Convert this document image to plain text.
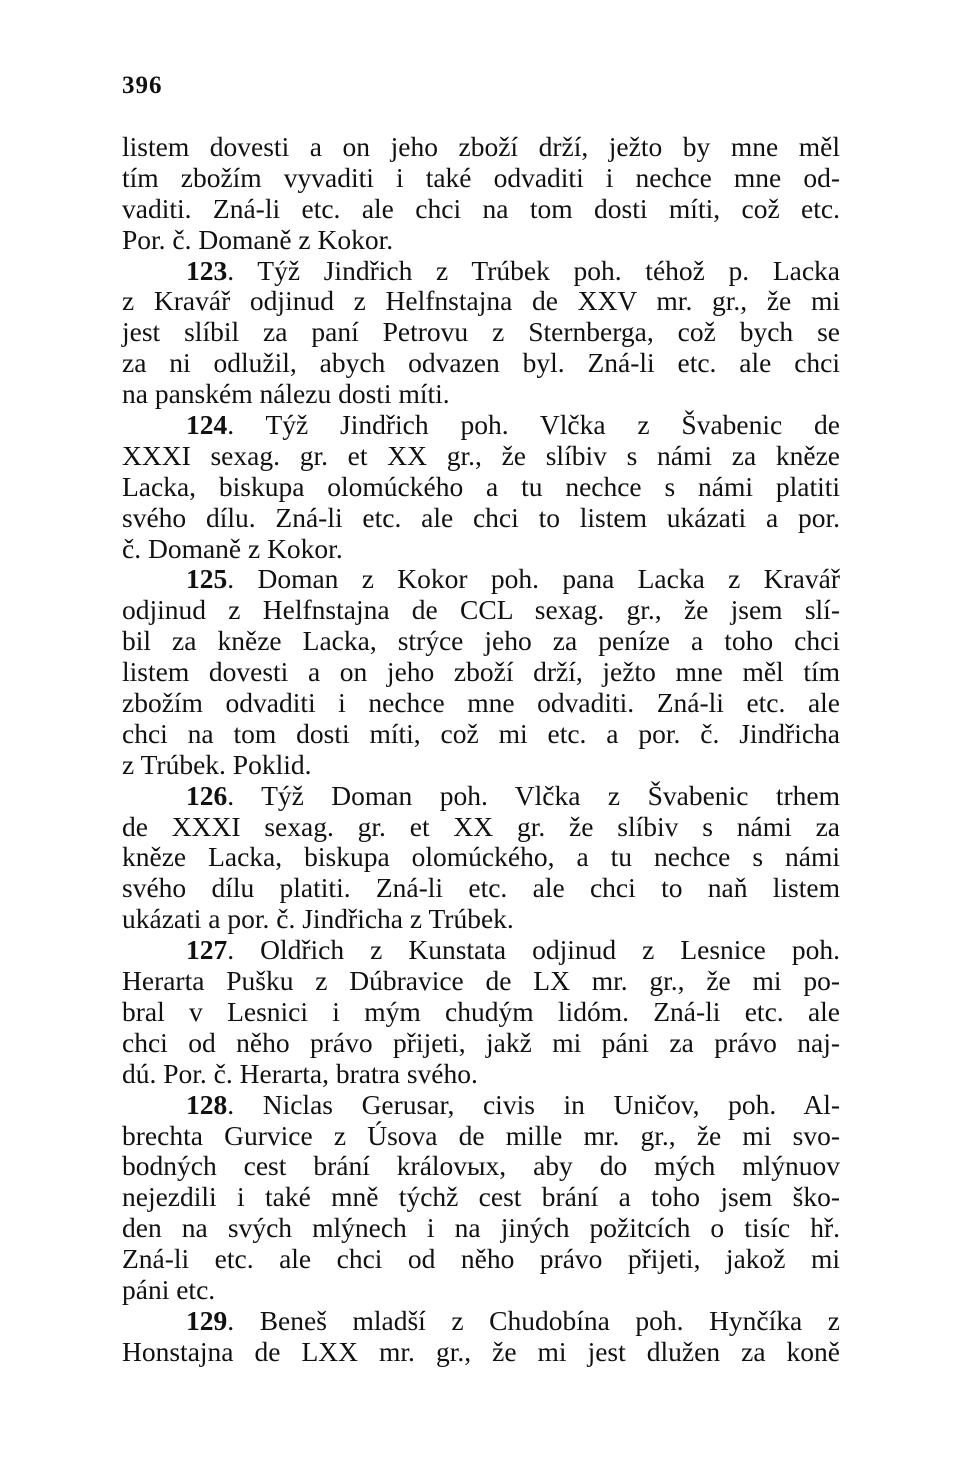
396
listem dovesti a on jeho zboží drží, ježto by mne měl
tím zbožím vyvaditi i také odvaditi i nechce mne od-
vaditi. Zná-li etc. ale chci na tom dosti míti, což etc.
Por. č. Domaně z Kokor.
123. Týž Jindřich z Trúbek poh. téhož p. Lacka
z Kravář odjinud z Helfnstajna de XXV mr. gr., že mi
jest slíbil za paní Petrovu z Sternberga, což bych se
za ni odlužil, abych odvazen byl. Zná-li etc. ale chci
na panském nálezu dosti míti.
124. Týž Jindřich poh. Vlčka z Švabenic de
XXXI sexag. gr. et XX gr., že slíbiv s námi za kněze
Lacka, biskupa olomúckého a tu nechce s námi platiti
svého dílu. Zná-li etc. ale chci to listem ukázati a por.
č. Domaně z Kokor.
125. Doman z Kokor poh. pana Lacka z Kravář
odjinud z Helfnstajna de CCL sexag. gr., že jsem slí-
bil za kněze Lacka, strýce jeho za peníze a toho chci
listem dovesti a on jeho zboží drží, ježto mne měl tím
zbožím odvaditi i nechce mne odvaditi. Zná-li etc. ale
chci na tom dosti míti, což mi etc. a por. č. Jindřicha
z Trúbek. Poklid.
126. Týž Doman poh. Vlčka z Švabenic trhem
de XXXI sexag. gr. et XX gr. že slíbiv s námi za
kněze Lacka, biskupa olomúckého, a tu nechce s námi
svého dílu platiti. Zná-li etc. ale chci to naň listem
ukázati a por. č. Jindřicha z Trúbek.
127. Oldřich z Kunstata odjinud z Lesnice poh.
Herarta Pušku z Dúbravice de LX mr. gr., že mi po-
bral v Lesnici i mým chudým lidóm. Zná-li etc. ale
chci od něho právo přijeti, jakž mi páni za právo naj-
dú. Por. č. Herarta, bratra svého.
128. Niclas Gerusar, civis in Uničov, poh. Al-
brechta Gurvice z Úsova de mille mr. gr., že mi svo-
bodných cest brání královых, aby do mých mlýnuov
nejezdili i také mně týchž cest brání a toho jsem ško-
den na svých mlýnech i na jiných požitcích o tisíc hř.
Zná-li etc. ale chci od něho právo přijeti, jakož mi
páni etc.
129. Beneš mladší z Chudobína poh. Hynčíka z
Honstajna de LXX mr. gr., že mi jest dlužen za koně
